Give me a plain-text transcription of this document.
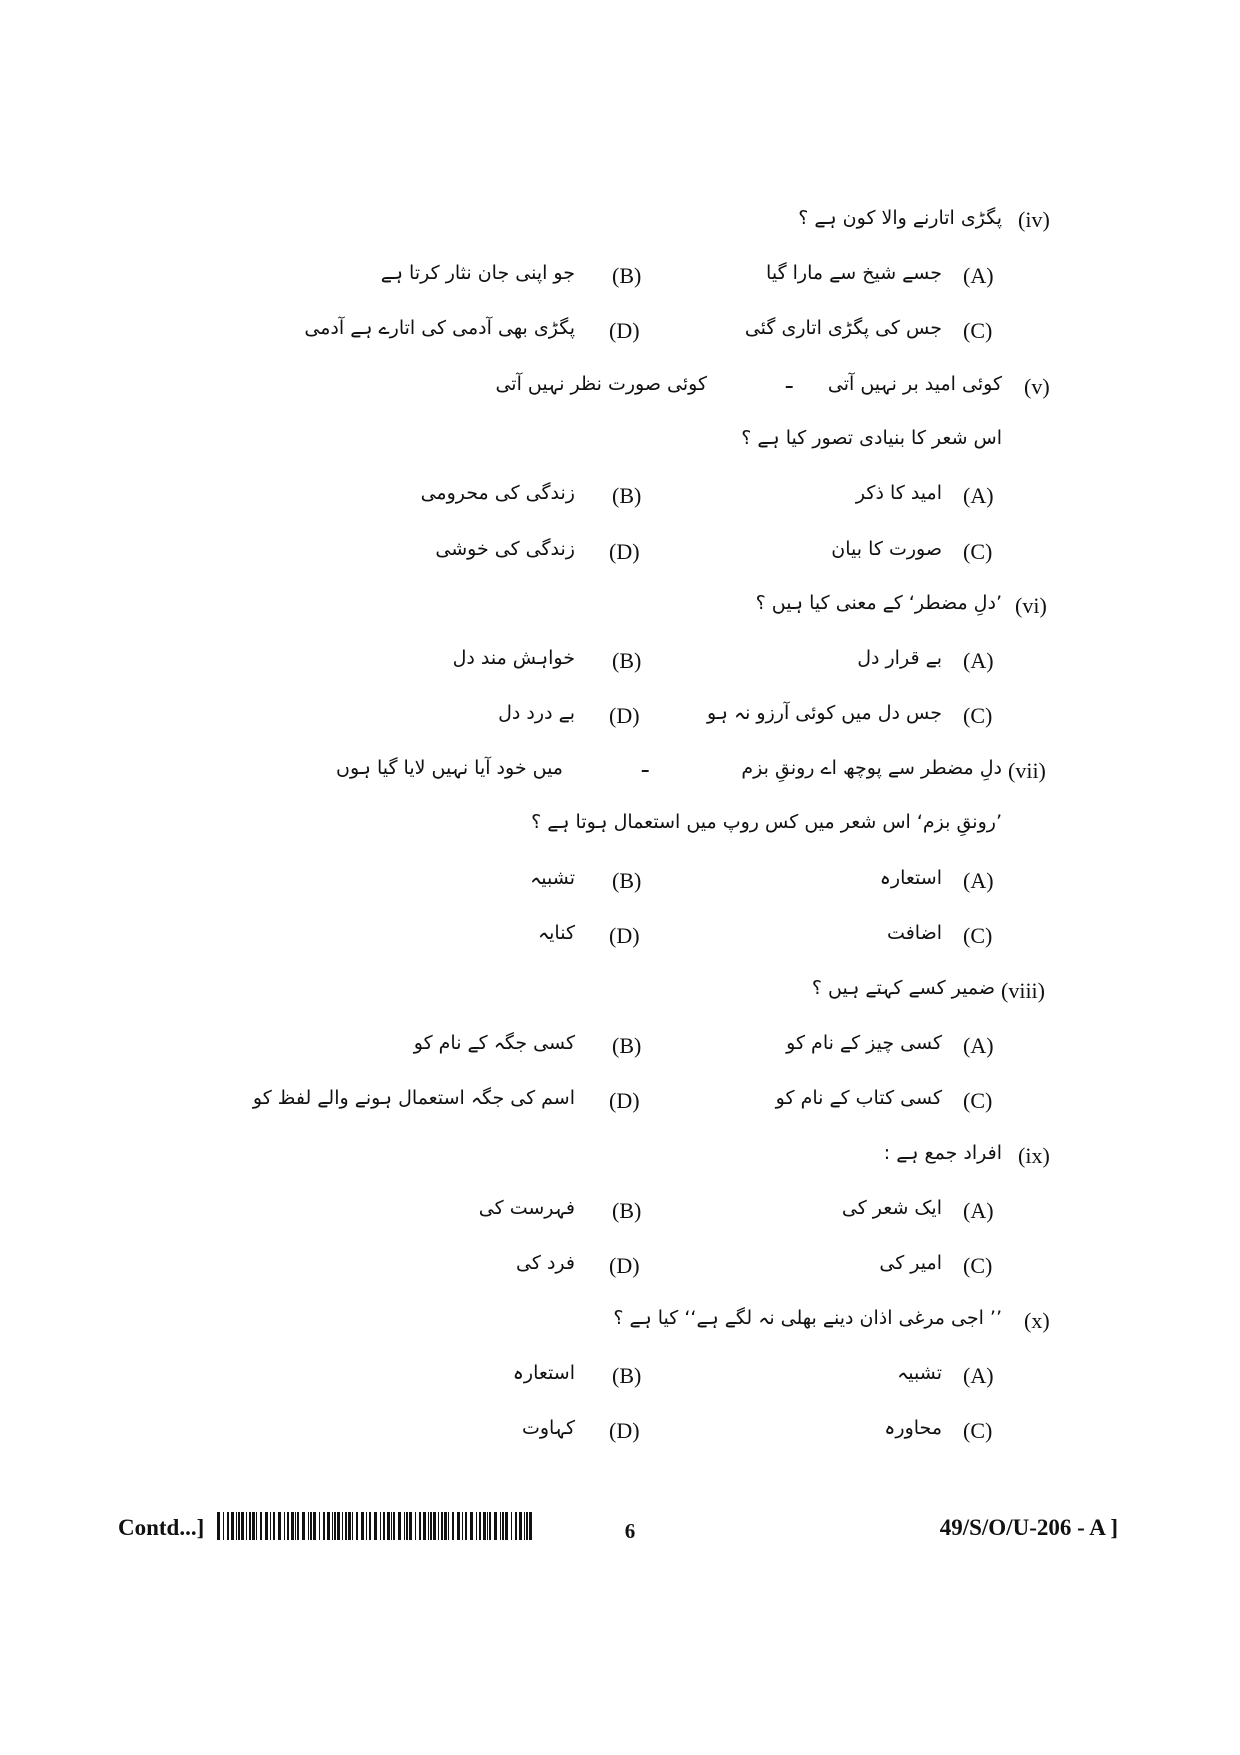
(iv)
پگڑی اتارنے والا کون ہے ؟
(A)
جسے شیخ سے مارا گیا
(B)
جو اپنی جان نثار کرتا ہے
(C)
جس کی پگڑی اتاری گئی
(D)
پگڑی بھی آدمی کی اتارے ہے آدمی
(v)
کوئی امید بر نہیں آتی
ـ
کوئی صورت نظر نہیں آتی
اس شعر کا بنیادی تصور کیا ہے ؟
(A)
امید کا ذکر
(B)
زندگی کی محرومی
(C)
صورت کا بیان
(D)
زندگی کی خوشی
(vi)
’دلِ مضطر‘ کے معنی کیا ہیں ؟
(A)
بے قرار دل
(B)
خواہش مند دل
(C)
جس دل میں کوئی آرزو نہ ہو
(D)
بے درد دل
(vii)
دلِ مضطر سے پوچھ اے رونقِ بزم
ـ
میں خود آیا نہیں لایا گیا ہوں
’رونقِ بزم‘ اس شعر میں کس روپ میں استعمال ہوتا ہے ؟
(A)
استعارہ
(B)
تشبیہ
(C)
اضافت
(D)
کنایہ
(viii)
ضمیر کسے کہتے ہیں ؟
(A)
کسی چیز کے نام کو
(B)
کسی جگہ کے نام کو
(C)
کسی کتاب کے نام کو
(D)
اسم کی جگہ استعمال ہونے والے لفظ کو
(ix)
افراد جمع ہے :
(A)
ایک شعر کی
(B)
فہرست کی
(C)
امیر کی
(D)
فرد کی
(x)
’’ اجی مرغی اذان دینے بھلی نہ لگے ہے‘‘ کیا ہے ؟
(A)
تشبیہ
(B)
استعارہ
(C)
محاورہ
(D)
کہاوت
Contd...]	6	49/S/O/U-206 - A ]
